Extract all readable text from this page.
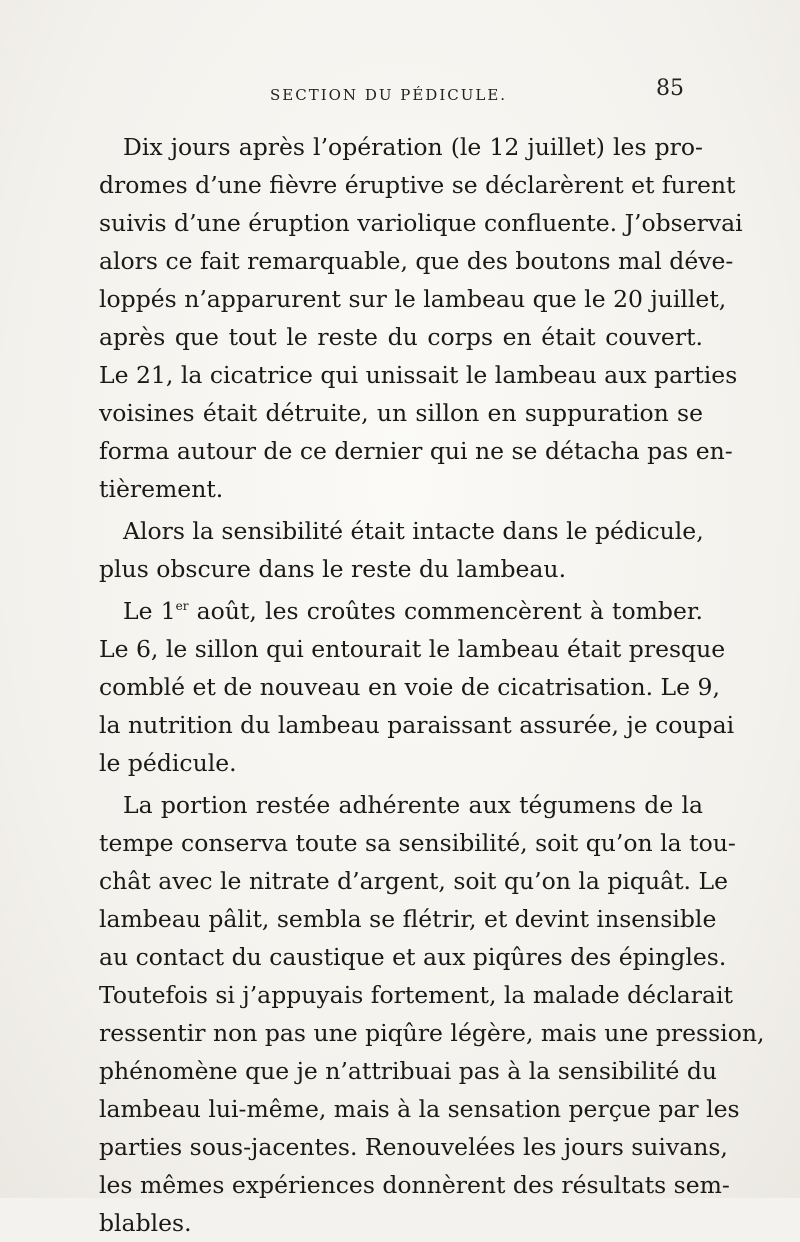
SECTION DU PÉDICULE.	85
Dix jours après l’opération (le 12 juillet) les pro-
dromes d’une fièvre éruptive se déclarèrent et furent
suivis d’une éruption variolique confluente. J’observai
alors ce fait remarquable, que des boutons mal déve-
loppés n’apparurent sur le lambeau que le 20 juillet,
après que tout le reste du corps en était couvert.
Le 21, la cicatrice qui unissait le lambeau aux parties
voisines était détruite, un sillon en suppuration se
forma autour de ce dernier qui ne se détacha pas en-
tièrement.
Alors la sensibilité était intacte dans le pédicule,
plus obscure dans le reste du lambeau.
Le 1er août, les croûtes commencèrent à tomber.
Le 6, le sillon qui entourait le lambeau était presque
comblé et de nouveau en voie de cicatrisation. Le 9,
la nutrition du lambeau paraissant assurée, je coupai
le pédicule.
La portion restée adhérente aux tégumens de la
tempe conserva toute sa sensibilité, soit qu’on la tou-
chât avec le nitrate d’argent, soit qu’on la piquât. Le
lambeau pâlit, sembla se flétrir, et devint insensible
au contact du caustique et aux piqûres des épingles.
Toutefois si j’appuyais fortement, la malade déclarait
ressentir non pas une piqûre légère, mais une pression,
phénomène que je n’attribuai pas à la sensibilité du
lambeau lui-même, mais à la sensation perçue par les
parties sous-jacentes. Renouvelées les jours suivans,
les mêmes expériences donnèrent des résultats sem-
blables.
